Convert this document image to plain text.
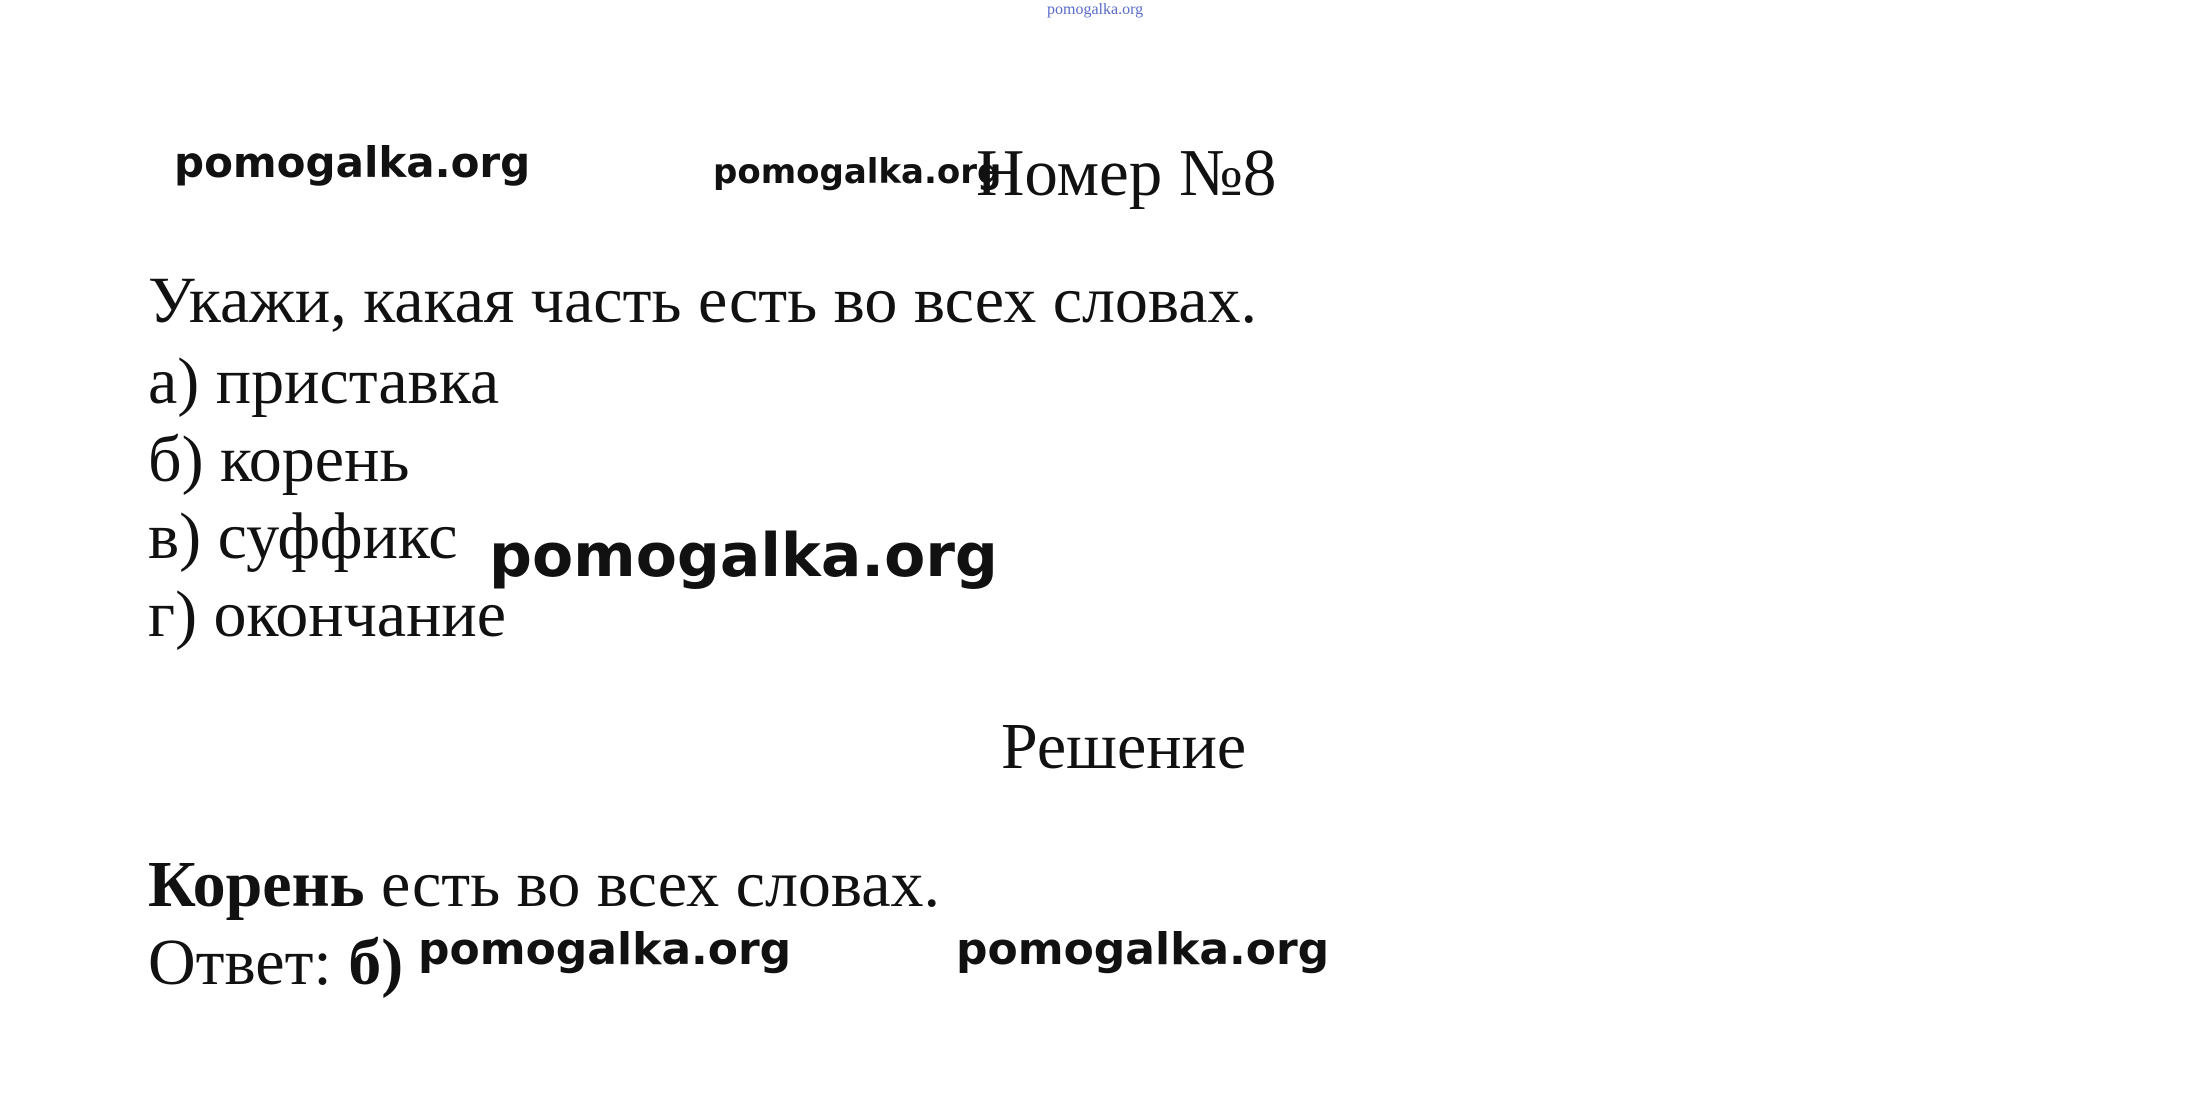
pomogalka.org
pomogalka.org	pomogalka.org
Номер №8
Укажи, какая часть есть во всех словах.
а) приставка
б) корень
в) суффикс
г) окончание
pomogalka.org
Решение
Корень есть во всех словах.
Ответ: б) pomogalka.org	pomogalka.org
